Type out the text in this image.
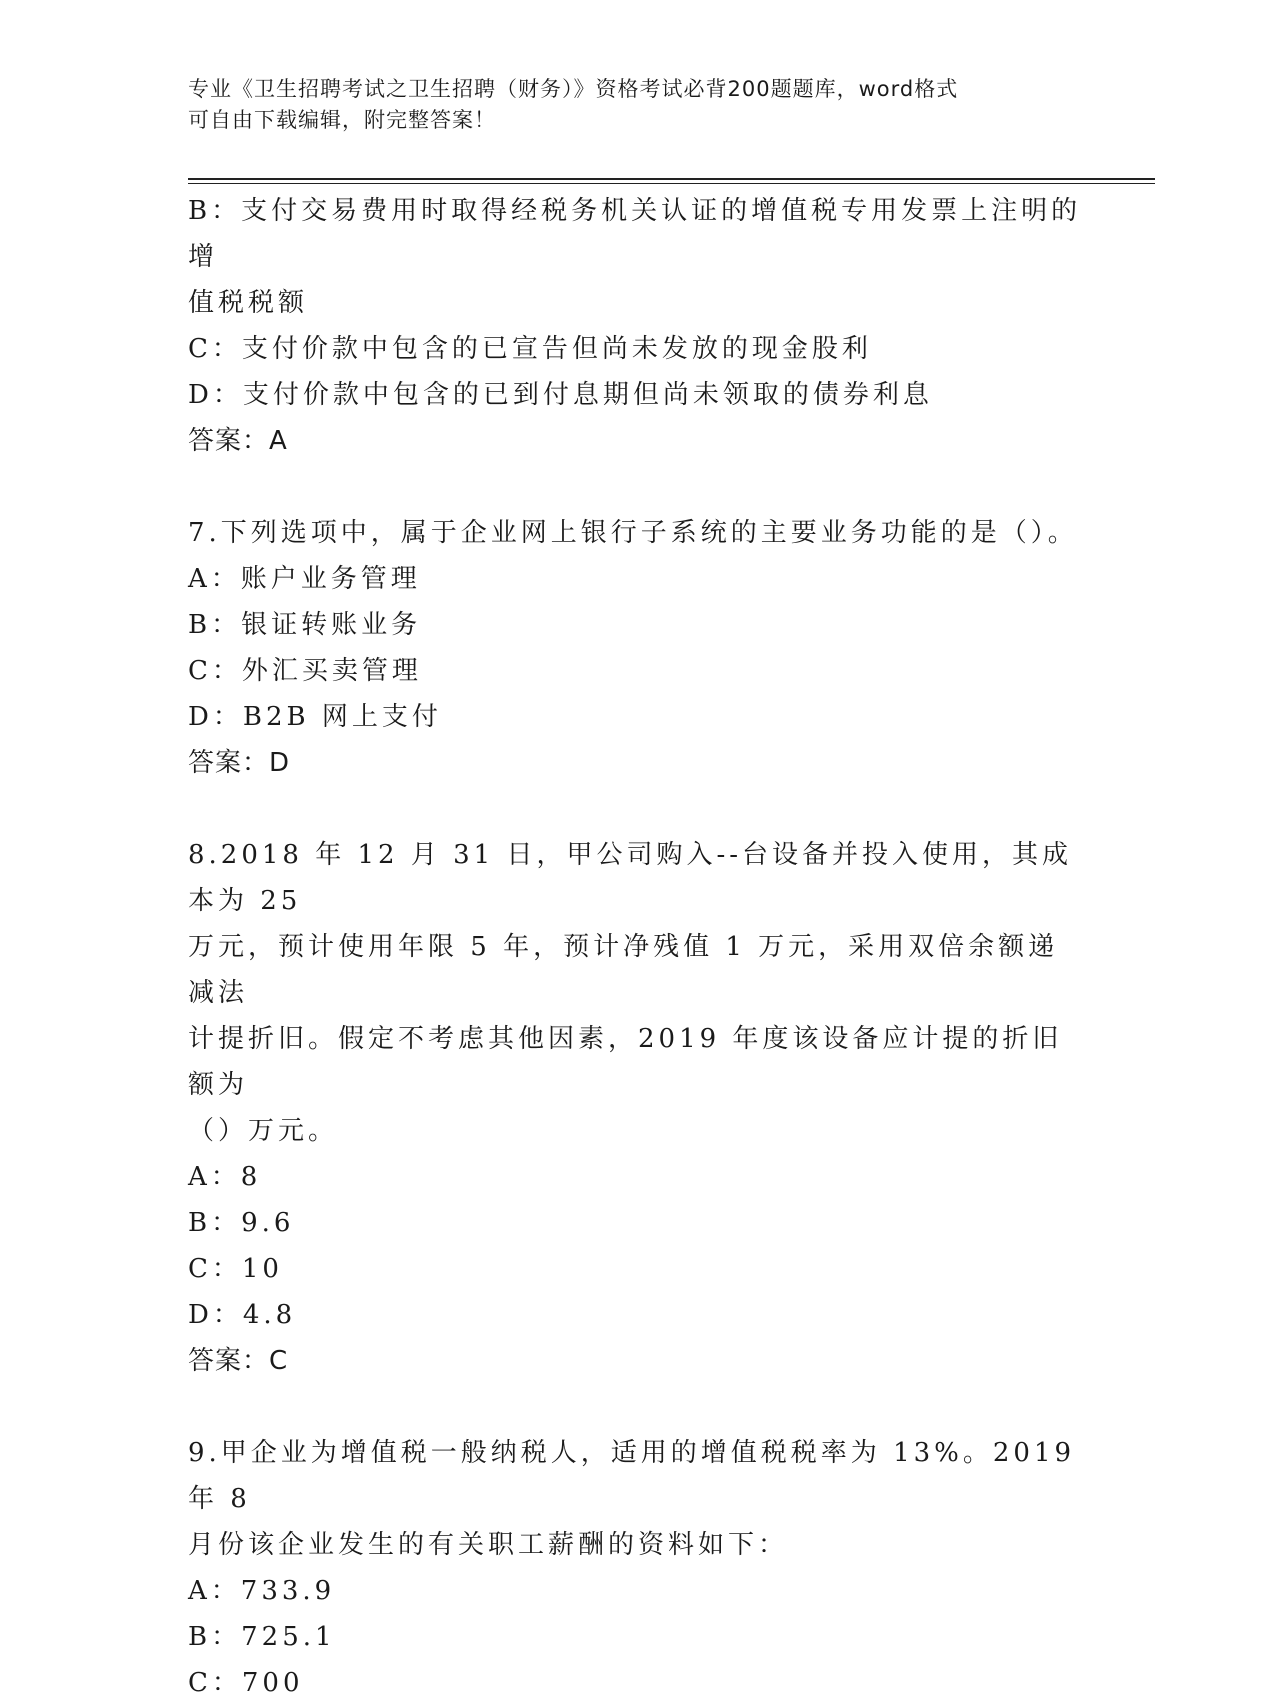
专业《卫生招聘考试之卫生招聘（财务）》资格考试必背200题题库，word格式
可自由下载编辑，附完整答案！
B：支付交易费用时取得经税务机关认证的增值税专用发票上注明的增
值税税额
C：支付价款中包含的已宣告但尚未发放的现金股利
D：支付价款中包含的已到付息期但尚未领取的债券利息
答案：A
7.下列选项中，属于企业网上银行子系统的主要业务功能的是（）。
A：账户业务管理
B：银证转账业务
C：外汇买卖管理
D：B2B 网上支付
答案：D
8.2018 年 12 月 31 日，甲公司购入--台设备并投入使用，其成本为 25
万元，预计使用年限 5 年，预计净残值 1 万元，采用双倍余额递减法
计提折旧。假定不考虑其他因素，2019 年度该设备应计提的折旧额为
（）万元。
A：8
B：9.6
C：10
D：4.8
答案：C
9.甲企业为增值税一般纳税人，适用的增值税税率为 13%。2019 年 8
月份该企业发生的有关职工薪酬的资料如下：
A：733.9
B：725.1
C：700
